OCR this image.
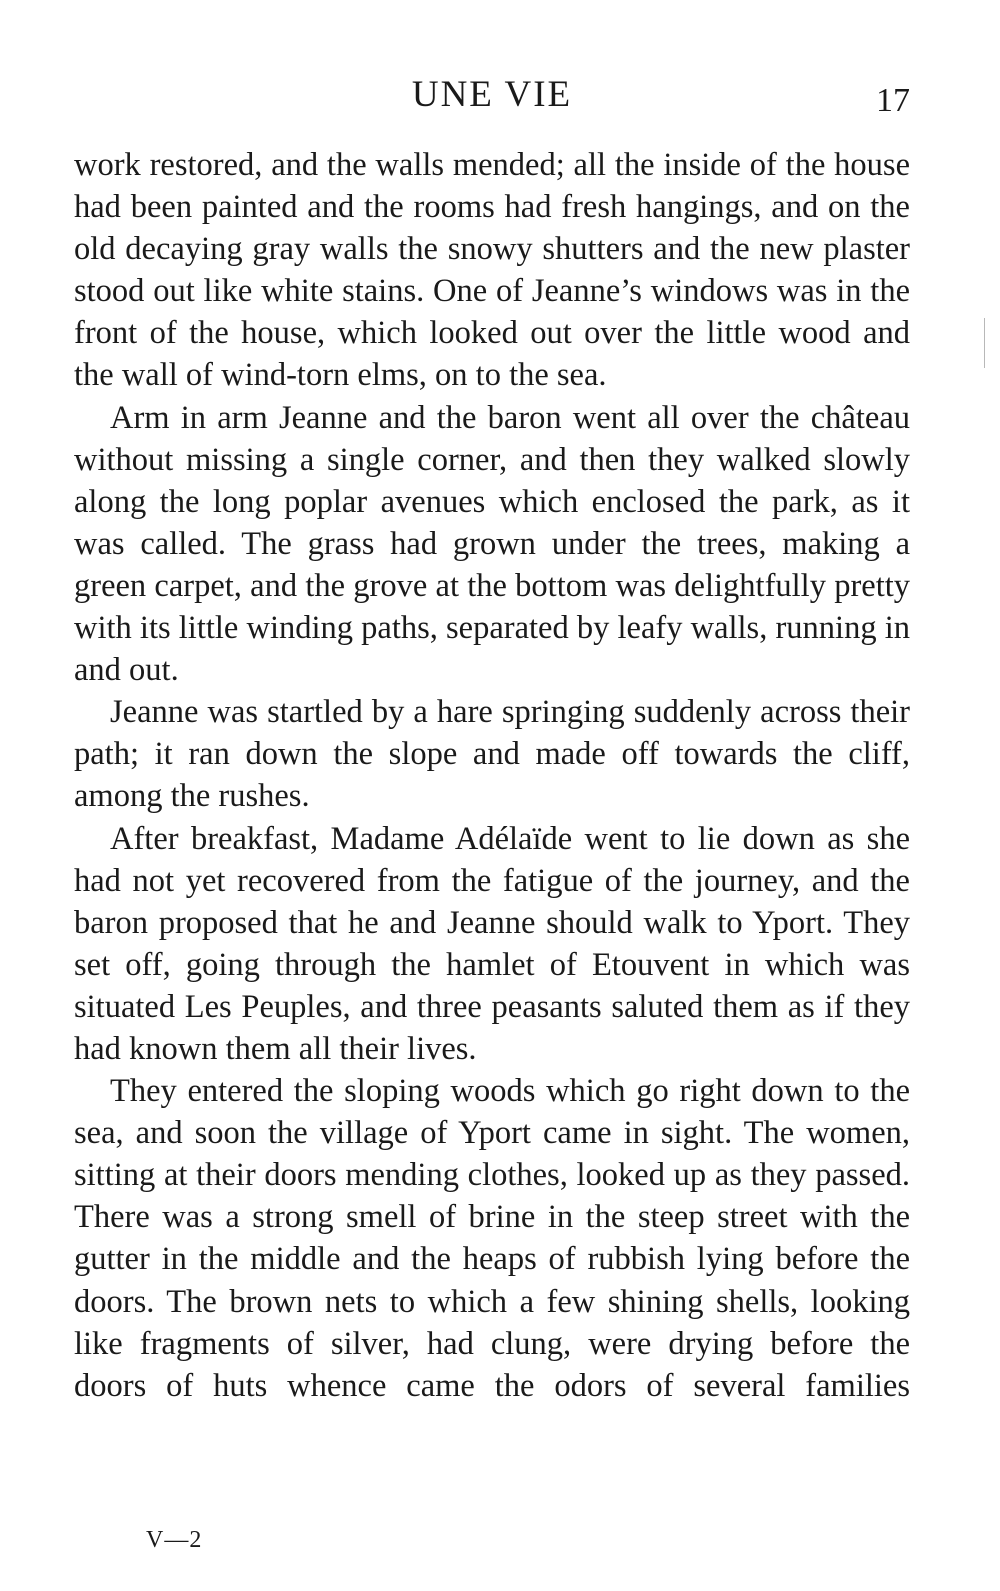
UNE VIE	17

work restored, and the walls mended; all the inside of the house had been painted and the rooms had fresh hangings, and on the old decaying gray walls the snowy shutters and the new plaster stood out like white stains. One of Jeanne’s windows was in the front of the house, which looked out over the little wood and the wall of wind-torn elms, on to the sea.

Arm in arm Jeanne and the baron went all over the château without missing a single corner, and then they walked slowly along the long poplar avenues which enclosed the park, as it was called. The grass had grown under the trees, making a green carpet, and the grove at the bottom was delightfully pretty with its little winding paths, separated by leafy walls, running in and out.

Jeanne was startled by a hare springing suddenly across their path; it ran down the slope and made off towards the cliff, among the rushes.

After breakfast, Madame Adélaïde went to lie down as she had not yet recovered from the fatigue of the journey, and the baron proposed that he and Jeanne should walk to Yport. They set off, going through the hamlet of Etouvent in which was situated Les Peuples, and three peasants saluted them as if they had known them all their lives.

They entered the sloping woods which go right down to the sea, and soon the village of Yport came in sight. The women, sitting at their doors mending clothes, looked up as they passed. There was a strong smell of brine in the steep street with the gutter in the middle and the heaps of rubbish lying before the doors. The brown nets to which a few shining shells, looking like fragments of silver, had clung, were drying before the doors of huts whence came the odors of several families

V—2
